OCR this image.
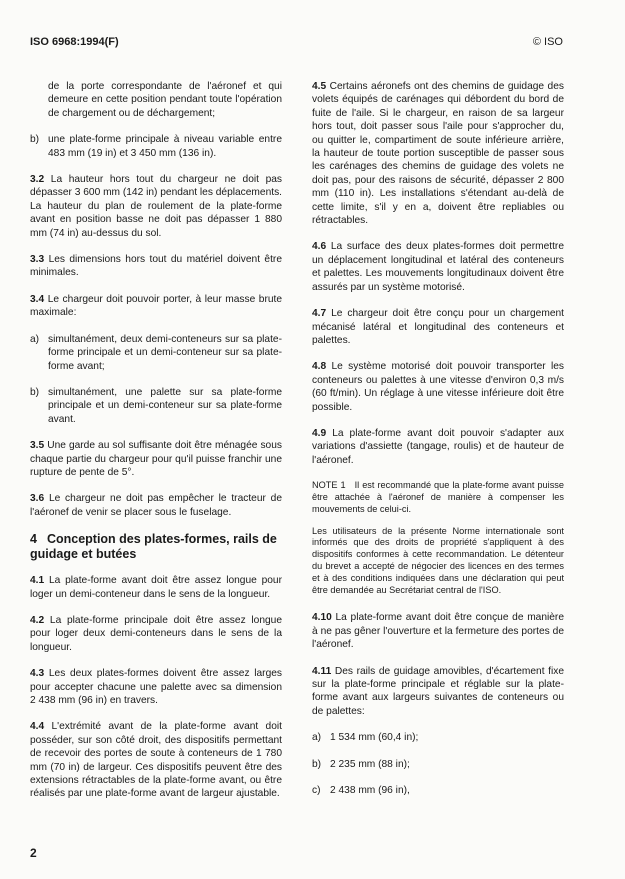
ISO 6968:1994(F)	© ISO

de la porte correspondante de l'aéronef et qui demeure en cette position pendant toute l'opération de chargement ou de déchargement;

b) une plate-forme principale à niveau variable entre 483 mm (19 in) et 3 450 mm (136 in).

3.2 La hauteur hors tout du chargeur ne doit pas dépasser 3 600 mm (142 in) pendant les déplacements. La hauteur du plan de roulement de la plate-forme avant en position basse ne doit pas dépasser 1 880 mm (74 in) au-dessus du sol.

3.3 Les dimensions hors tout du matériel doivent être minimales.

3.4 Le chargeur doit pouvoir porter, à leur masse brute maximale:

a) simultanément, deux demi-conteneurs sur sa plate-forme principale et un demi-conteneur sur sa plate-forme avant;
b) simultanément, une palette sur sa plate-forme principale et un demi-conteneur sur sa plate-forme avant.

3.5 Une garde au sol suffisante doit être ménagée sous chaque partie du chargeur pour qu'il puisse franchir une rupture de pente de 5°.

3.6 Le chargeur ne doit pas empêcher le tracteur de l'aéronef de venir se placer sous le fuselage.

4 Conception des plates-formes, rails de guidage et butées

4.1 La plate-forme avant doit être assez longue pour loger un demi-conteneur dans le sens de la longueur.

4.2 La plate-forme principale doit être assez longue pour loger deux demi-conteneurs dans le sens de la longueur.

4.3 Les deux plates-formes doivent être assez larges pour accepter chacune une palette avec sa dimension 2 438 mm (96 in) en travers.

4.4 L'extrémité avant de la plate-forme avant doit posséder, sur son côté droit, des dispositifs permettant de recevoir des portes de soute à conteneurs de 1 780 mm (70 in) de largeur. Ces dispositifs peuvent être des extensions rétractables de la plate-forme avant, ou être réalisés par une plate-forme avant de largeur ajustable.

4.5 Certains aéronefs ont des chemins de guidage des volets équipés de carénages qui débordent du bord de fuite de l'aile. Si le chargeur, en raison de sa largeur hors tout, doit passer sous l'aile pour s'approcher du, ou quitter le, compartiment de soute inférieure arrière, la hauteur de toute portion susceptible de passer sous les carénages des chemins de guidage des volets ne doit pas, pour des raisons de sécurité, dépasser 2 800 mm (110 in). Les installations s'étendant au-delà de cette limite, s'il y en a, doivent être repliables ou rétractables.

4.6 La surface des deux plates-formes doit permettre un déplacement longitudinal et latéral des conteneurs et palettes. Les mouvements longitudinaux doivent être assurés par un système motorisé.

4.7 Le chargeur doit être conçu pour un chargement mécanisé latéral et longitudinal des conteneurs et palettes.

4.8 Le système motorisé doit pouvoir transporter les conteneurs ou palettes à une vitesse d'environ 0,3 m/s (60 ft/min). Un réglage à une vitesse inférieure doit être possible.

4.9 La plate-forme avant doit pouvoir s'adapter aux variations d'assiette (tangage, roulis) et de hauteur de l'aéronef.

NOTE 1 Il est recommandé que la plate-forme avant puisse être attachée à l'aéronef de manière à compenser les mouvements de celui-ci.

Les utilisateurs de la présente Norme internationale sont informés que des droits de propriété s'appliquent à des dispositifs conformes à cette recommandation. Le détenteur du brevet a accepté de négocier des licences en des termes et à des conditions indiquées dans une déclaration qui peut être demandée au Secrétariat central de l'ISO.

4.10 La plate-forme avant doit être conçue de manière à ne pas gêner l'ouverture et la fermeture des portes de l'aéronef.

4.11 Des rails de guidage amovibles, d'écartement fixe sur la plate-forme principale et réglable sur la plate-forme avant aux largeurs suivantes de conteneurs ou de palettes:

a) 1 534 mm (60,4 in);
b) 2 235 mm (88 in);
c) 2 438 mm (96 in),
2
